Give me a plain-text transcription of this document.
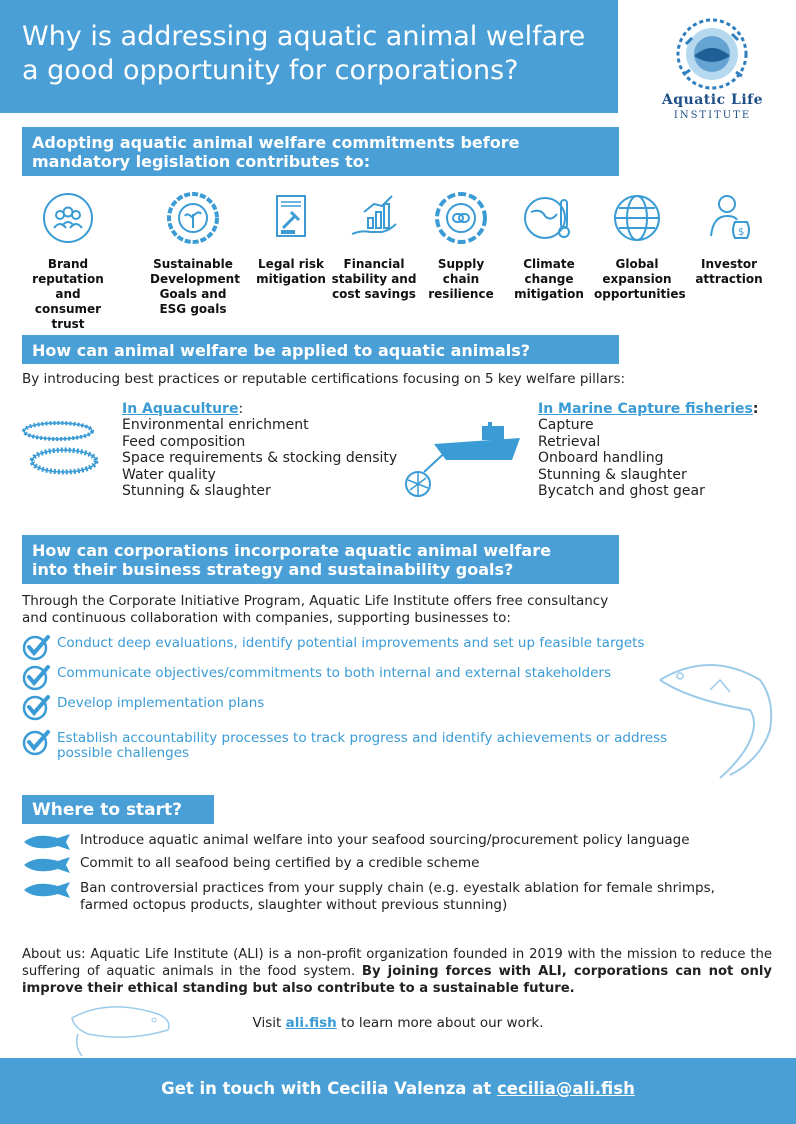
Why is addressing aquatic animal welfare
a good opportunity for corporations?
Aquatic Life
INSTITUTE
Adopting aquatic animal welfare commitments before
mandatory legislation contributes to:
Brand reputation and consumer trust
Sustainable Development Goals and ESG goals
Legal risk mitigation
Financial stability and cost savings
Supply chain resilience
Climate change mitigation
Global expansion opportunities
$
Investor attraction
How can animal welfare be applied to aquatic animals?
By introducing best practices or reputable certifications focusing on 5 key welfare pillars:
In Aquaculture:
Environmental enrichment
Feed composition
Space requirements & stocking density
Water quality
Stunning & slaughter
In Marine Capture fisheries:
Capture
Retrieval
Onboard handling
Stunning & slaughter
Bycatch and ghost gear
How can corporations incorporate aquatic animal welfare
into their business strategy and sustainability goals?
Through the Corporate Initiative Program, Aquatic Life Institute offers free consultancy
and continuous collaboration with companies, supporting businesses to:
Conduct deep evaluations, identify potential improvements and set up feasible targets
Communicate objectives/commitments to both internal and external stakeholders
Develop implementation plans
Establish accountability processes to track progress and identify achievements or address possible challenges
Where to start?
Introduce aquatic animal welfare into your seafood sourcing/procurement policy language
Commit to all seafood being certified by a credible scheme
Ban controversial practices from your supply chain (e.g. eyestalk ablation for female shrimps, farmed octopus products, slaughter without previous stunning)
About us: Aquatic Life Institute (ALI) is a non-profit organization founded in 2019 with the mission to reduce the suffering of aquatic animals in the food system. By joining forces with ALI, corporations can not only improve their ethical standing but also contribute to a sustainable future.
Visit ali.fish to learn more about our work.
Get in touch with Cecilia Valenza at cecilia@ali.fish
